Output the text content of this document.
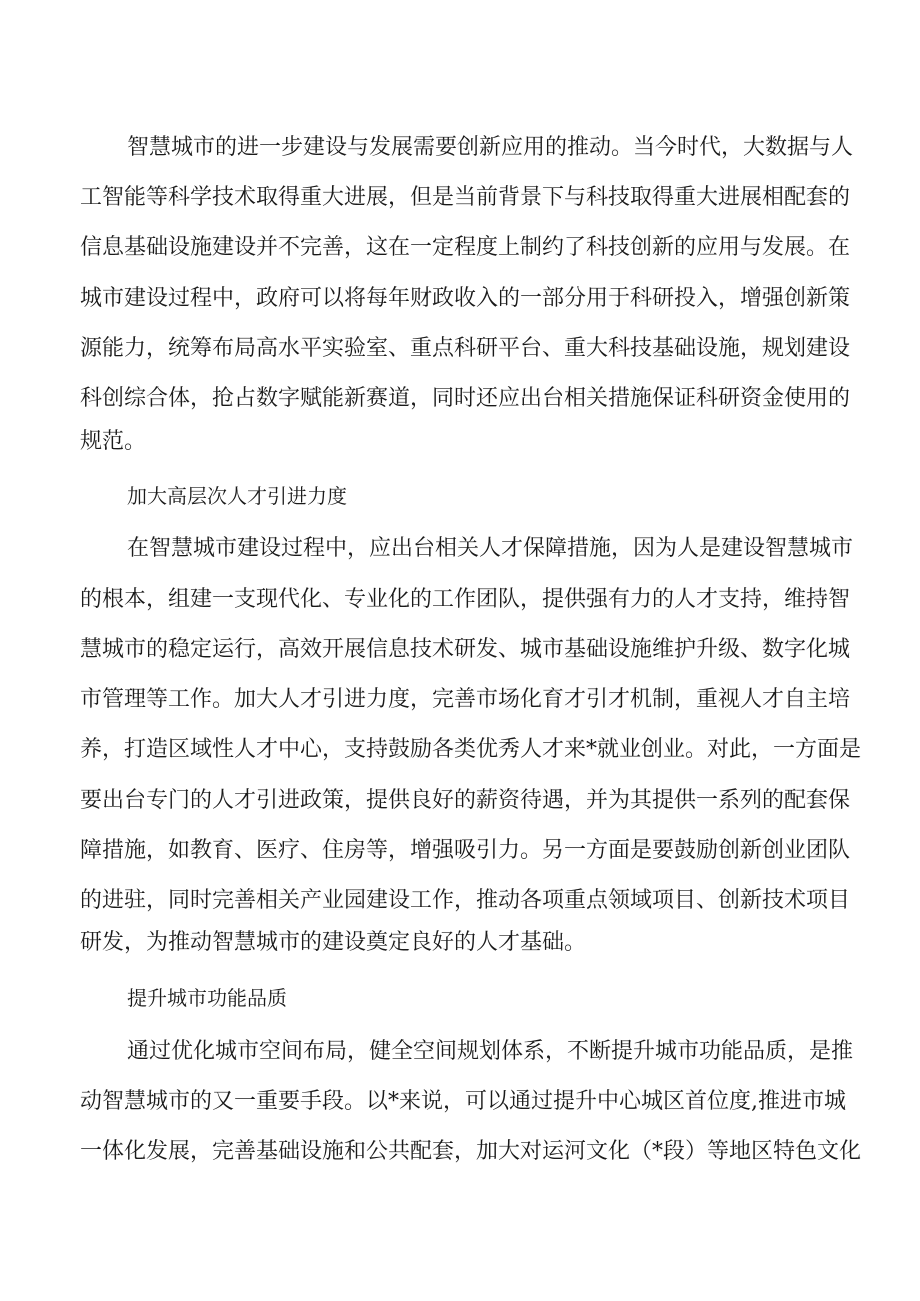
智慧城市的进一步建设与发展需要创新应用的推动。当今时代，大数据与人
工智能等科学技术取得重大进展，但是当前背景下与科技取得重大进展相配套的
信息基础设施建设并不完善，这在一定程度上制约了科技创新的应用与发展。在
城市建设过程中，政府可以将每年财政收入的一部分用于科研投入，增强创新策
源能力，统筹布局高水平实验室、重点科研平台、重大科技基础设施，规划建设
科创综合体，抢占数字赋能新赛道，同时还应出台相关措施保证科研资金使用的
规范。
加大高层次人才引进力度
在智慧城市建设过程中，应出台相关人才保障措施，因为人是建设智慧城市
的根本，组建一支现代化、专业化的工作团队，提供强有力的人才支持，维持智
慧城市的稳定运行，高效开展信息技术研发、城市基础设施维护升级、数字化城
市管理等工作。加大人才引进力度，完善市场化育才引才机制，重视人才自主培
养，打造区域性人才中心，支持鼓励各类优秀人才来*就业创业。对此，一方面是
要出台专门的人才引进政策，提供良好的薪资待遇，并为其提供一系列的配套保
障措施，如教育、医疗、住房等，增强吸引力。另一方面是要鼓励创新创业团队
的进驻，同时完善相关产业园建设工作，推动各项重点领域项目、创新技术项目
研发，为推动智慧城市的建设奠定良好的人才基础。
提升城市功能品质
通过优化城市空间布局，健全空间规划体系，不断提升城市功能品质，是推
动智慧城市的又一重要手段。以*来说，可以通过提升中心城区首位度,推进市城
一体化发展，完善基础设施和公共配套，加大对运河文化（*段）等地区特色文化
